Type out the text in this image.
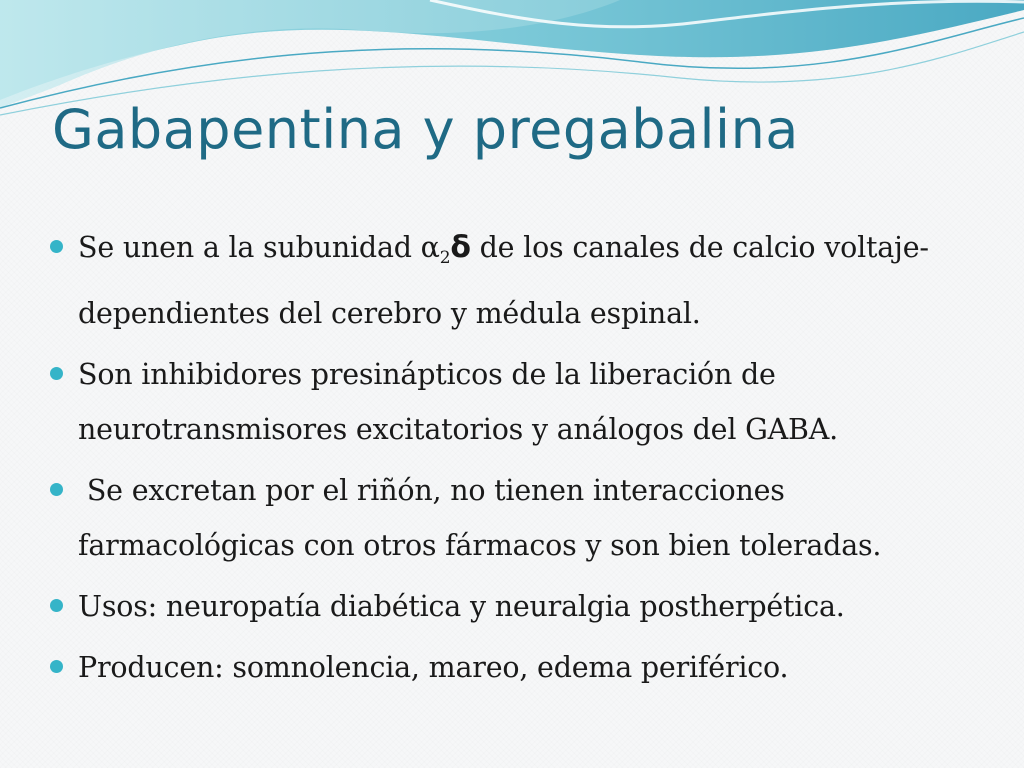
Gabapentina y pregabalina
Se unen a la subunidad $\alpha_2\delta$ de los canales de calcio voltaje-dependientes del cerebro y médula espinal.
Son inhibidores presinápticos de la liberación de neurotransmisores excitatorios y análogos del GABA.
Se excretan por el riñón, no tienen interacciones farmacológicas con otros fármacos y son bien toleradas.
Usos: neuropatía diabética y neuralgia postherpética.
Producen: somnolencia, mareo, edema periférico.
